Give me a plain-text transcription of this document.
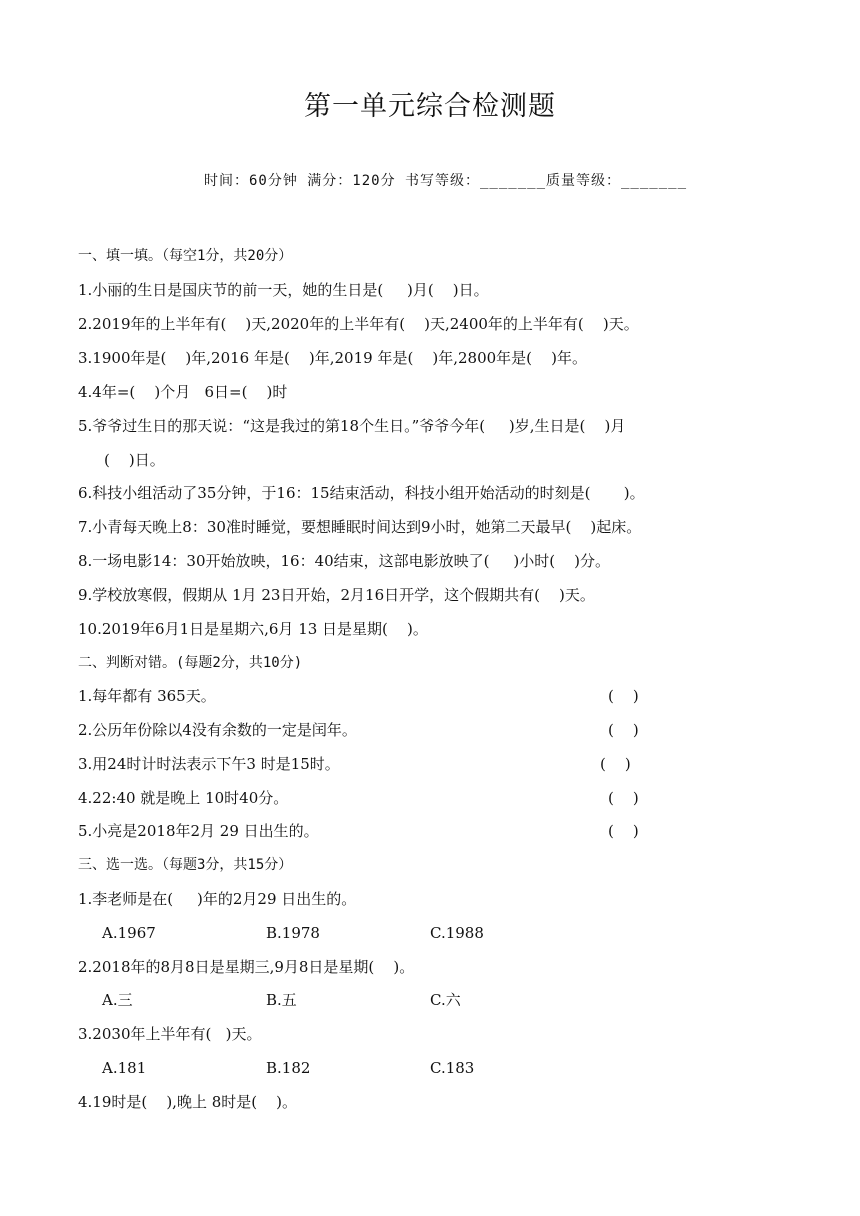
第一单元综合检测题
时间：60分钟 满分：120分 书写等级：_______质量等级：_______
一、填一填。（每空1分，共20分）
1.小丽的生日是国庆节的前一天，她的生日是(     )月(    )日。
2.2019年的上半年有(    )天,2020年的上半年有(    )天,2400年的上半年有(    )天。
3.1900年是(    )年,2016 年是(    )年,2019 年是(    )年,2800年是(    )年。
4.4年=(    )个月   6日=(    )时
5.爷爷过生日的那天说：“这是我过的第18个生日。”爷爷今年(     )岁,生日是(    )月
(    )日。
6.科技小组活动了35分钟，于16：15结束活动，科技小组开始活动的时刻是(       )。
7.小青每天晚上8：30准时睡觉，要想睡眠时间达到9小时，她第二天最早(    )起床。
8.一场电影14：30开始放映，16：40结束，这部电影放映了(     )小时(    )分。
9.学校放寒假，假期从 1月 23日开始，2月16日开学，这个假期共有(    )天。
10.2019年6月1日是星期六,6月 13 日是星期(    )。
二、判断对错。(每题2分，共10分)
1.每年都有 365天。	(    )
2.公历年份除以4没有余数的一定是闰年。	(    )
3.用24时计时法表示下午3 时是15时。	(    )
4.22:40 就是晚上 10时40分。	(    )
5.小亮是2018年2月 29 日出生的。	(    )
三、选一选。（每题3分，共15分）
1.李老师是在(     )年的2月29 日出生的。
A.1967	B.1978	C.1988
2.2018年的8月8日是星期三,9月8日是星期(    )。
A.三	B.五	C.六
3.2030年上半年有(   )天。
A.181	B.182	C.183
4.19时是(    ),晚上 8时是(    )。
